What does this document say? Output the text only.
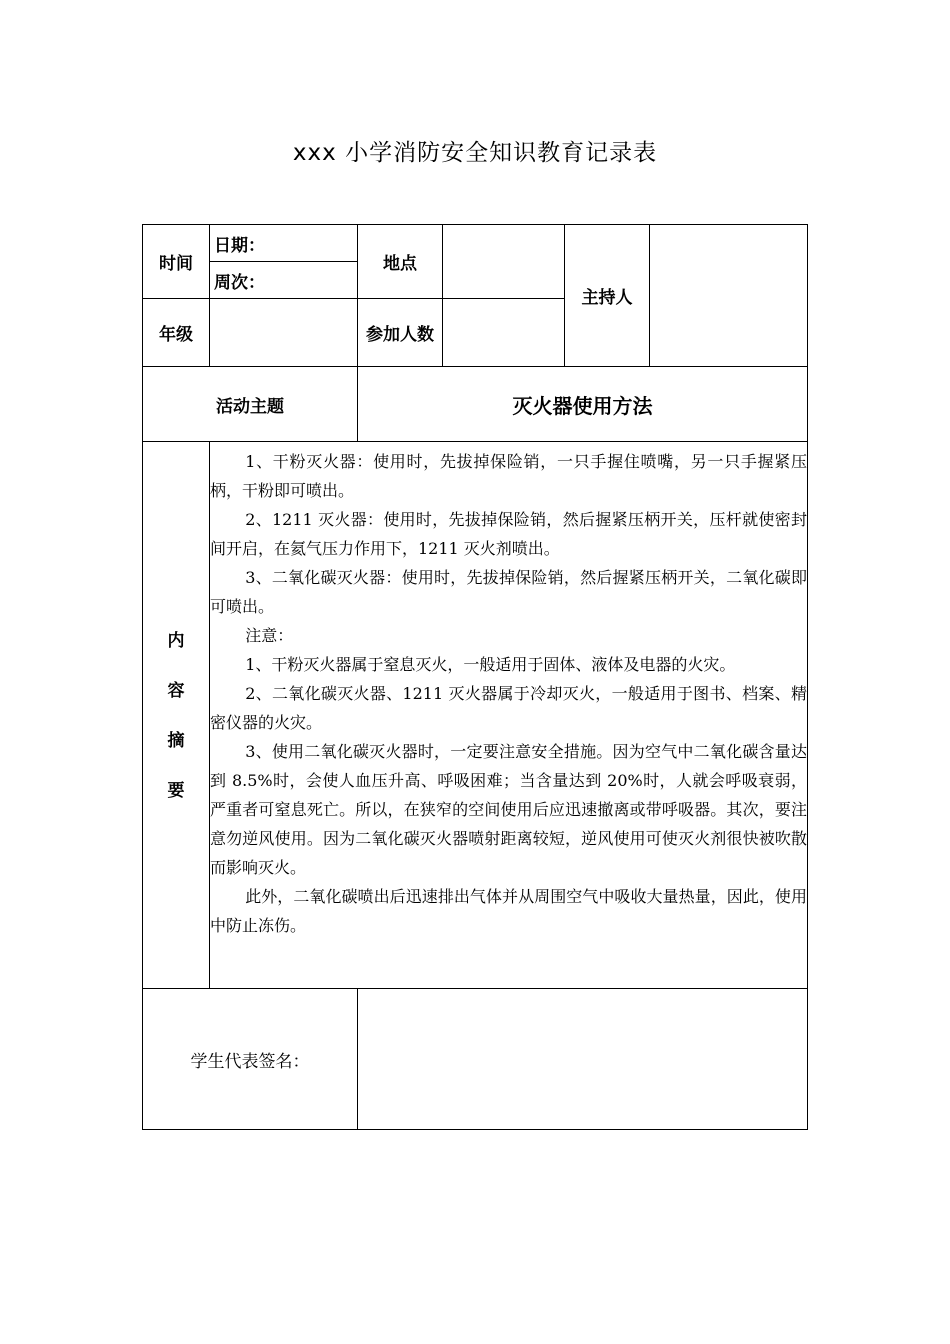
xxx 小学消防安全知识教育记录表
时间
日期：
周次：
地点
主持人
年级	参加人数
活动主题	灭火器使用方法
内
容
摘
要

1、干粉灭火器：使用时，先拔掉保险销，一只手握住喷嘴，另一只手握紧压柄，干粉即可喷出。

2、1211 灭火器：使用时，先拔掉保险销，然后握紧压柄开关，压杆就使密封间开启，在氦气压力作用下，1211 灭火剂喷出。

3、二氧化碳灭火器：使用时，先拔掉保险销，然后握紧压柄开关，二氧化碳即可喷出。

注意：

1、干粉灭火器属于窒息灭火，一般适用于固体、液体及电器的火灾。

2、二氧化碳灭火器、1211 灭火器属于冷却灭火，一般适用于图书、档案、精密仪器的火灾。

3、使用二氧化碳灭火器时，一定要注意安全措施。因为空气中二氧化碳含量达到 8.5%时，会使人血压升高、呼吸困难；当含量达到 20%时，人就会呼吸衰弱，严重者可窒息死亡。所以，在狭窄的空间使用后应迅速撤离或带呼吸器。其次，要注意勿逆风使用。因为二氧化碳灭火器喷射距离较短，逆风使用可使灭火剂很快被吹散而影响灭火。

此外，二氧化碳喷出后迅速排出气体并从周围空气中吸收大量热量，因此，使用中防止冻伤。

学生代表签名：
